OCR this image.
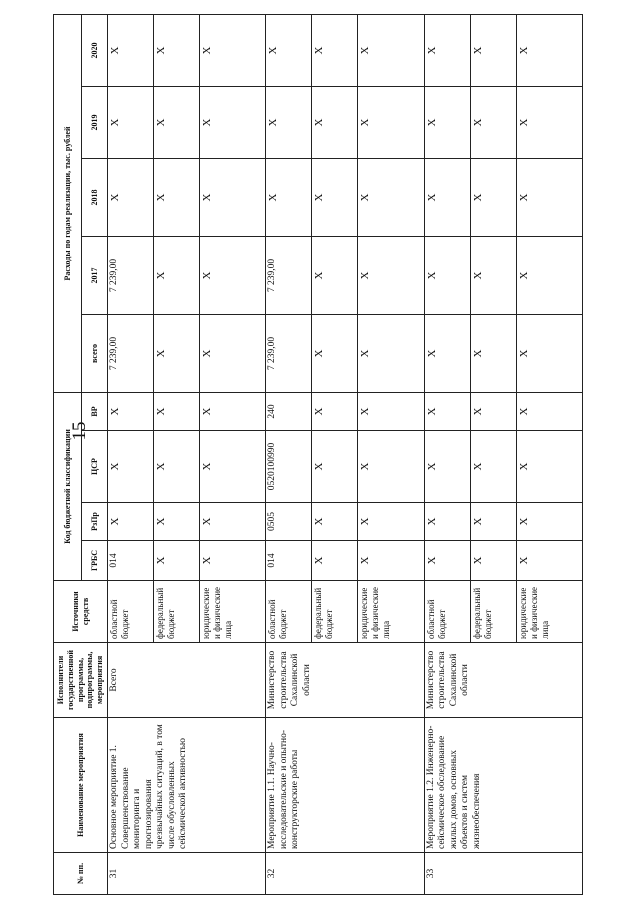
15
№ пп.	Наименование мероприятия	Исполнители государственной программы, подпрограммы, мероприятия	Источники средств	Код бюджетной классификации				Расходы по годам реализации, тыс. рублей				
				ГРБС	РзПр	ЦСР	ВР	всего	2017	2018	2019	2020
31	Основное мероприятие 1. Совершенствование мониторинга и прогнозирования чрезвычайных ситуаций, в том числе обусловленных сейсмической активностью	Всего	областной бюджет	014	X	X	X	7 239,00	7 239,00	X	X	X
			федеральный бюджет	X	X	X	X	X	X	X	X	X
			юридические и физические лица	X	X	X	X	X	X	X	X	X
32	Мероприятие 1.1. Научно-исследовательские и опытно-конструкторские работы	Министерство строительства Сахалинской области	областной бюджет	014	0505	0520100990	240	7 239,00	7 239,00	X	X	X
			федеральный бюджет	X	X	X	X	X	X	X	X	X
			юридические и физические лица	X	X	X	X	X	X	X	X	X
33	Мероприятие 1.2. Инженерно-сейсмическое обследование жилых домов, основных объектов и систем жизнеобеспечения	Министерство строительства Сахалинской области	областной бюджет	X	X	X	X	X	X	X	X	X
			федеральный бюджет	X	X	X	X	X	X	X	X	X
			юридические и физические лица	X	X	X	X	X	X	X	X	X
